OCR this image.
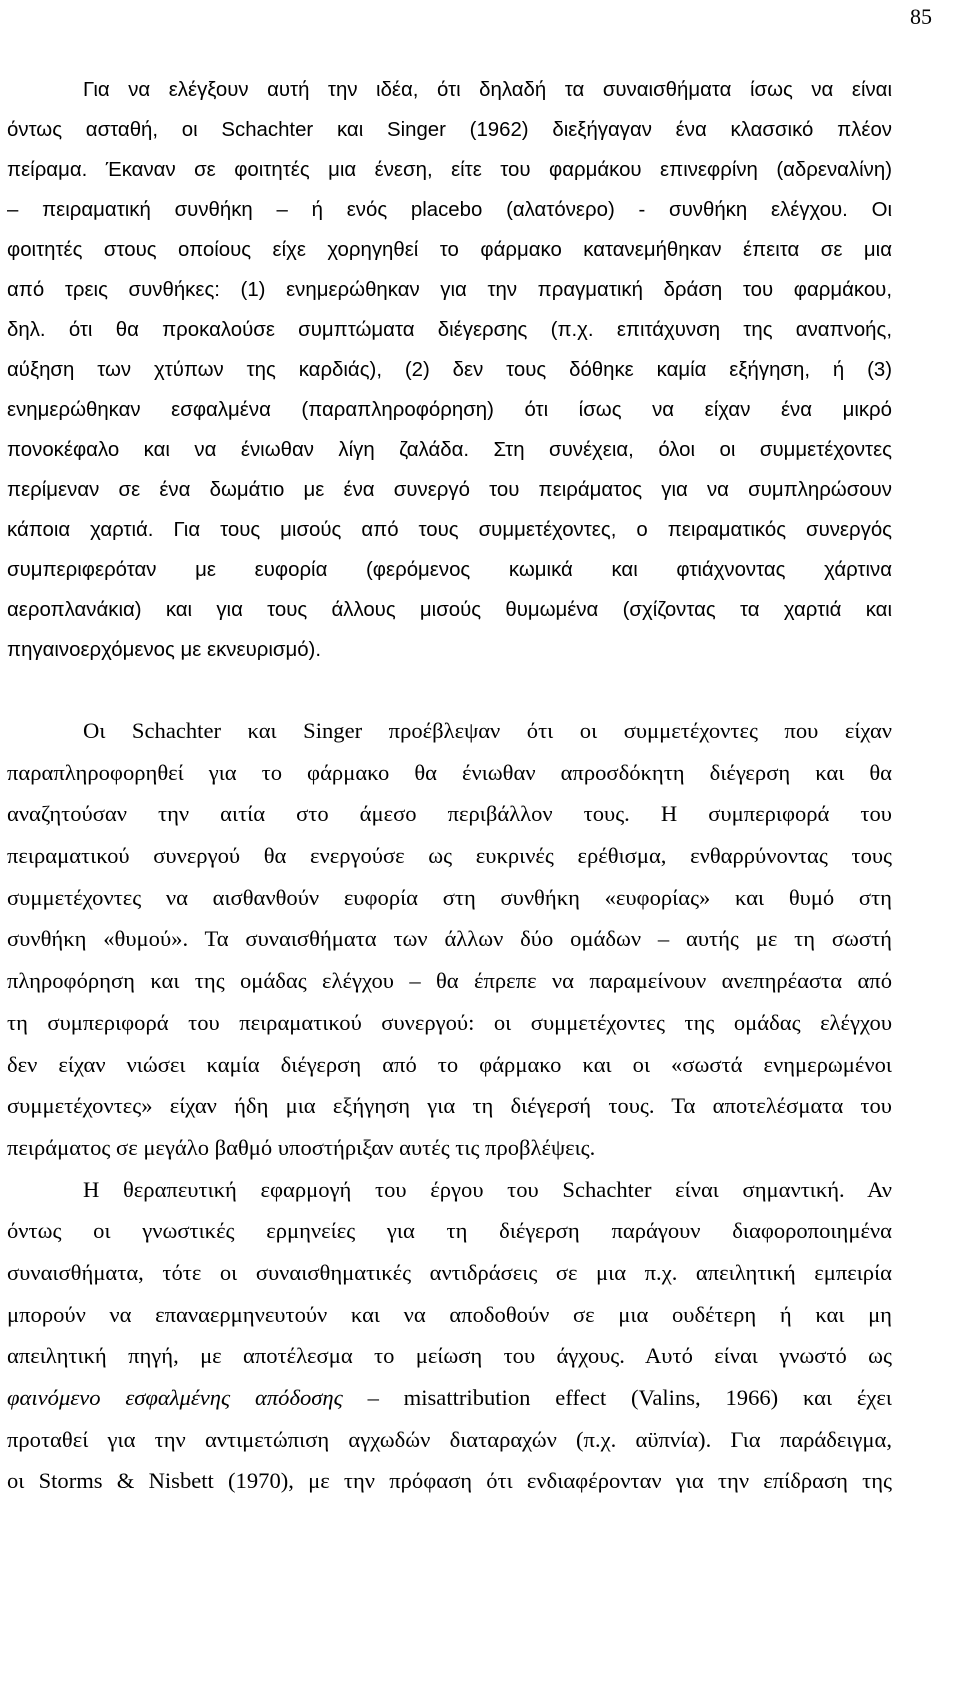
85
Για να ελέγξουν αυτή την ιδέα, ότι δηλαδή τα συναισθήματα ίσως να είναι
όντως ασταθή, οι Schachter και Singer (1962) διεξήγαγαν ένα κλασσικό πλέον
πείραμα. Έκαναν σε φοιτητές μια ένεση, είτε του φαρμάκου επινεφρίνη (αδρεναλίνη)
– πειραματική συνθήκη – ή ενός placebo (αλατόνερο) - συνθήκη ελέγχου. Οι
φοιτητές στους οποίους είχε χορηγηθεί το φάρμακο κατανεμήθηκαν έπειτα σε μια
από τρεις συνθήκες: (1) ενημερώθηκαν για την πραγματική δράση του φαρμάκου,
δηλ. ότι θα προκαλούσε συμπτώματα διέγερσης (π.χ. επιτάχυνση της αναπνοής,
αύξηση των χτύπων της καρδιάς), (2) δεν τους δόθηκε καμία εξήγηση, ή (3)
ενημερώθηκαν εσφαλμένα (παραπληροφόρηση) ότι ίσως να είχαν ένα μικρό
πονοκέφαλο και να ένιωθαν λίγη ζαλάδα. Στη συνέχεια, όλοι οι συμμετέχοντες
περίμεναν σε ένα δωμάτιο με ένα συνεργό του πειράματος για να συμπληρώσουν
κάποια χαρτιά. Για τους μισούς από τους συμμετέχοντες, ο πειραματικός συνεργός
συμπεριφερόταν με ευφορία (φερόμενος κωμικά και φτιάχνοντας χάρτινα
αεροπλανάκια) και για τους άλλους μισούς θυμωμένα (σχίζοντας τα χαρτιά και
πηγαινοερχόμενος με εκνευρισμό).
Οι Schachter και Singer προέβλεψαν ότι οι συμμετέχοντες που είχαν
παραπληροφορηθεί για το φάρμακο θα ένιωθαν απροσδόκητη διέγερση και θα
αναζητούσαν την αιτία στο άμεσο περιβάλλον τους. Η συμπεριφορά του
πειραματικού συνεργού θα ενεργούσε ως ευκρινές ερέθισμα, ενθαρρύνοντας τους
συμμετέχοντες να αισθανθούν ευφορία στη συνθήκη «ευφορίας» και θυμό στη
συνθήκη «θυμού». Τα συναισθήματα των άλλων δύο ομάδων – αυτής με τη σωστή
πληροφόρηση και της ομάδας ελέγχου – θα έπρεπε να παραμείνουν ανεπηρέαστα από
τη συμπεριφορά του πειραματικού συνεργού: οι συμμετέχοντες της ομάδας ελέγχου
δεν είχαν νιώσει καμία διέγερση από το φάρμακο και οι «σωστά ενημερωμένοι
συμμετέχοντες» είχαν ήδη μια εξήγηση για τη διέγερσή τους. Τα αποτελέσματα του
πειράματος σε μεγάλο βαθμό υποστήριξαν αυτές τις προβλέψεις.
Η θεραπευτική εφαρμογή του έργου του Schachter είναι σημαντική. Αν
όντως οι γνωστικές ερμηνείες για τη διέγερση παράγουν διαφοροποιημένα
συναισθήματα, τότε οι συναισθηματικές αντιδράσεις σε μια π.χ. απειλητική εμπειρία
μπορούν να επαναερμηνευτούν και να αποδοθούν σε μια ουδέτερη ή και μη
απειλητική πηγή, με αποτέλεσμα το μείωση του άγχους. Αυτό είναι γνωστό ως
φαινόμενο εσφαλμένης απόδοσης – misattribution effect (Valins, 1966) και έχει
προταθεί για την αντιμετώπιση αγχωδών διαταραχών (π.χ. αϋπνία). Για παράδειγμα,
οι Storms & Nisbett (1970), με την πρόφαση ότι ενδιαφέρονταν για την επίδραση της
